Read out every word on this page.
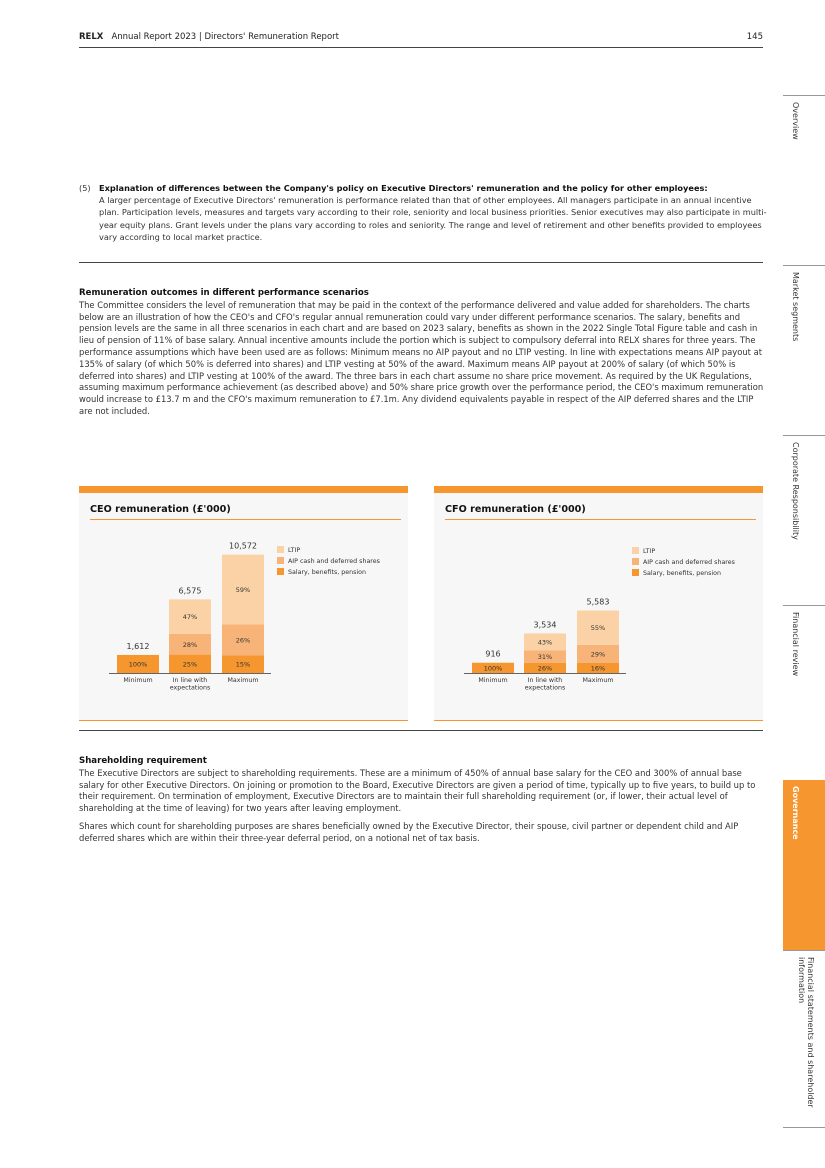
RELX Annual Report 2023 | Directors' Remuneration Report	145
Overview
Market segments
Corporate Responsibility
Financial review
Governance
Financial statements and shareholder information
(5) Explanation of differences between the Company's policy on Executive Directors' remuneration and the policy for other employees:
A larger percentage of Executive Directors' remuneration is performance related than that of other employees. All managers participate in an annual incentive plan. Participation levels, measures and targets vary according to their role, seniority and local business priorities. Senior executives may also participate in multi-year equity plans. Grant levels under the plans vary according to roles and seniority. The range and level of retirement and other benefits provided to employees vary according to local market practice.
Remuneration outcomes in different performance scenarios

The Committee considers the level of remuneration that may be paid in the context of the performance delivered and value added for shareholders. The charts below are an illustration of how the CEO's and CFO's regular annual remuneration could vary under different performance scenarios. The salary, benefits and pension levels are the same in all three scenarios in each chart and are based on 2023 salary, benefits as shown in the 2022 Single Total Figure table and cash in lieu of pension of 11% of base salary. Annual incentive amounts include the portion which is subject to compulsory deferral into RELX shares for three years. The performance assumptions which have been used are as follows: Minimum means no AIP payout and no LTIP vesting. In line with expectations means AIP payout at 135% of salary (of which 50% is deferred into shares) and LTIP vesting at 50% of the award. Maximum means AIP payout at 200% of salary (of which 50% is deferred into shares) and LTIP vesting at 100% of the award. The three bars in each chart assume no share price movement. As required by the UK Regulations, assuming maximum performance achievement (as described above) and 50% share price growth over the performance period, the CEO's maximum remuneration would increase to £13.7 m and the CFO's maximum remuneration to £7.1m. Any dividend equivalents payable in respect of the AIP deferred shares and the LTIP are not included.

CEO remuneration (£'000)
100%
1,612
Minimum
25%
28%
47%
6,575
In line with
expectations
15%
26%
59%
10,572
Maximum
LTIP
AIP cash and deferred shares
Salary, benefits, pension
CFO remuneration (£'000)
100%
916
Minimum
26%
31%
43%
3,534
In line with
expectations
16%
29%
55%
5,583
Maximum
LTIP
AIP cash and deferred shares
Salary, benefits, pension
Shareholding requirement

The Executive Directors are subject to shareholding requirements. These are a minimum of 450% of annual base salary for the CEO and 300% of annual base salary for other Executive Directors. On joining or promotion to the Board, Executive Directors are given a period of time, typically up to five years, to build up to their requirement. On termination of employment, Executive Directors are to maintain their full shareholding requirement (or, if lower, their actual level of shareholding at the time of leaving) for two years after leaving employment.

Shares which count for shareholding purposes are shares beneficially owned by the Executive Director, their spouse, civil partner or dependent child and AIP deferred shares which are within their three-year deferral period, on a notional net of tax basis.
